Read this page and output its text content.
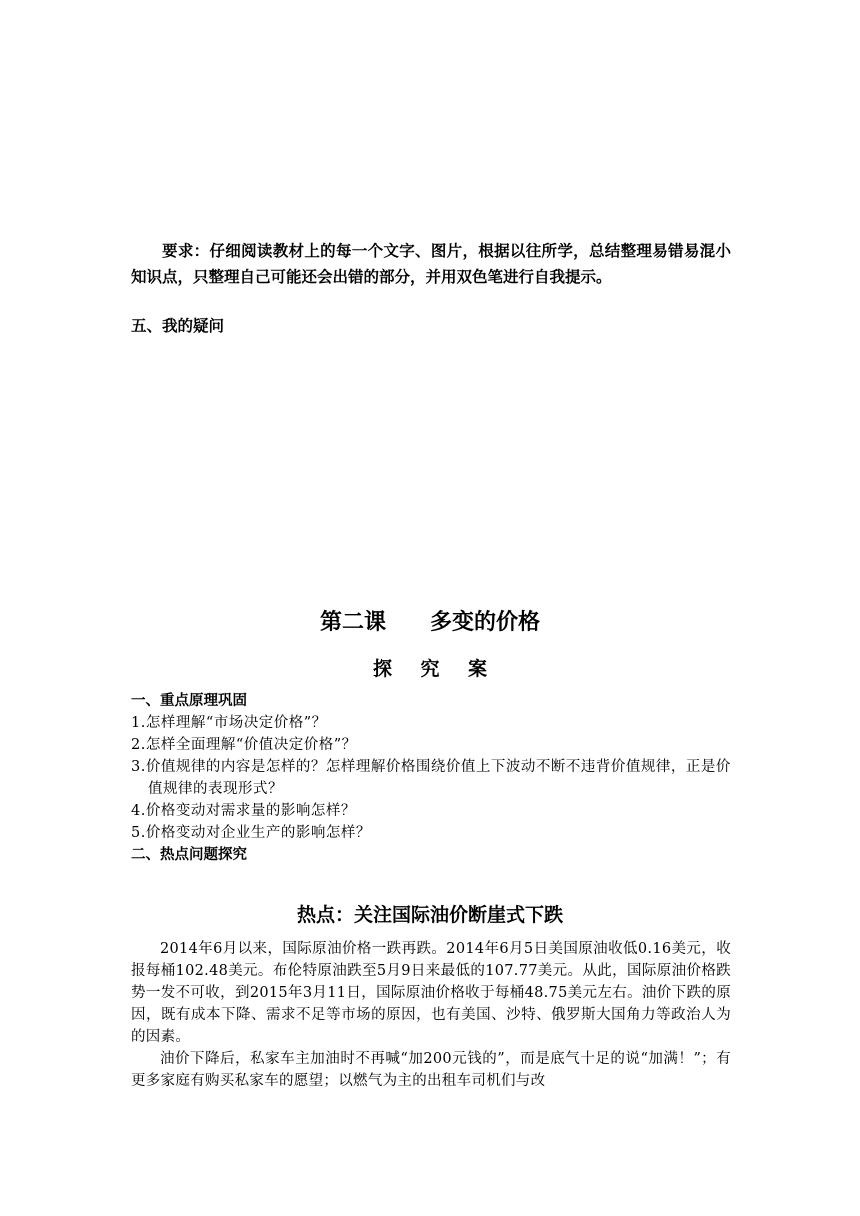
要求：仔细阅读教材上的每一个文字、图片，根据以往所学，总结整理易错易混小知识点，只整理自己可能还会出错的部分，并用双色笔进行自我提示。
五、我的疑问
第二课　　多变的价格
探究案
一、重点原理巩固
1.怎样理解“市场决定价格”？
2.怎样全面理解“价值决定价格”？
3.价值规律的内容是怎样的？怎样理解价格围绕价值上下波动不断不违背价值规律，正是价
值规律的表现形式？
4.价格变动对需求量的影响怎样？
5.价格变动对企业生产的影响怎样？
二、热点问题探究
热点：关注国际油价断崖式下跌
2014年6月以来，国际原油价格一跌再跌。2014年6月5日美国原油收低0.16美元，收报每桶102.48美元。布伦特原油跌至5月9日来最低的107.77美元。从此，国际原油价格跌势一发不可收，到2015年3月11日，国际原油价格收于每桶48.75美元左右。油价下跌的原因，既有成本下降、需求不足等市场的原因，也有美国、沙特、俄罗斯大国角力等政治人为的因素。
油价下降后，私家车主加油时不再喊“加200元钱的”，而是底气十足的说“加满！”；有更多家庭有购买私家车的愿望；以燃气为主的出租车司机们与改
